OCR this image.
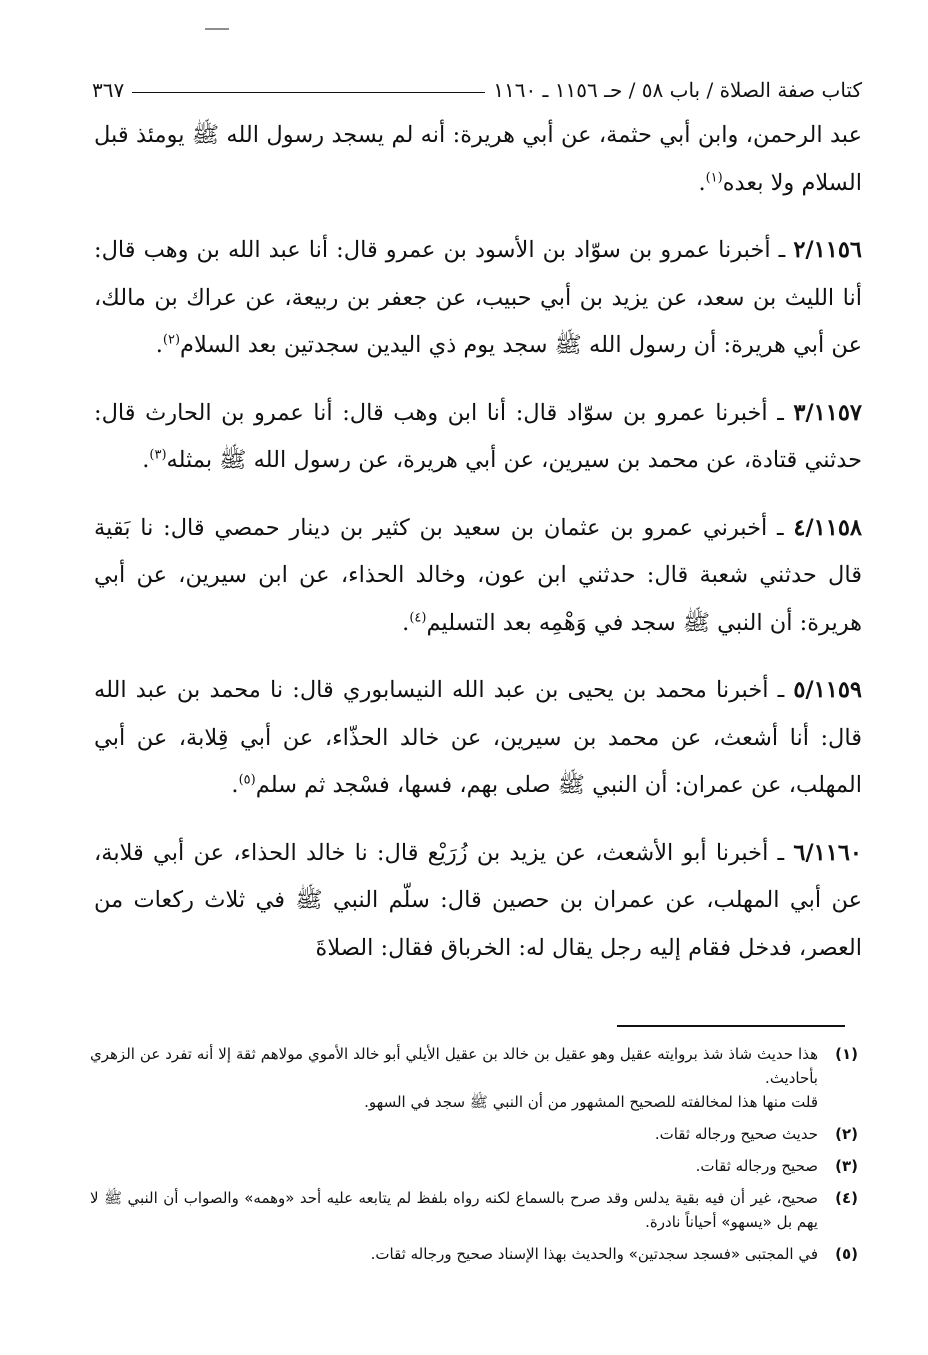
كتاب صفة الصلاة / باب ٥٨ / حـ ١١٥٦ ـ ١١٦٠
٣٦٧

عبد الرحمن، وابن أبي حثمة، عن أبي هريرة: أنه لم يسجد رسول الله ﷺ يومئذ قبل السلام ولا بعده$^{(١)}$.

٢/١١٥٦ ـ أخبرنا عمرو بن سوّاد بن الأسود بن عمرو قال: أنا عبد الله بن وهب قال: أنا الليث بن سعد، عن يزيد بن أبي حبيب، عن جعفر بن ربيعة، عن عراك بن مالك، عن أبي هريرة: أن رسول الله ﷺ سجد يوم ذي اليدين سجدتين بعد السلام$^{(٢)}$.

٣/١١٥٧ ـ أخبرنا عمرو بن سوّاد قال: أنا ابن وهب قال: أنا عمرو بن الحارث قال: حدثني قتادة، عن محمد بن سيرين، عن أبي هريرة، عن رسول الله ﷺ بمثله$^{(٣)}$.

٤/١١٥٨ ـ أخبرني عمرو بن عثمان بن سعيد بن كثير بن دينار حمصي قال: نا بَقية قال حدثني شعبة قال: حدثني ابن عون، وخالد الحذاء، عن ابن سيرين، عن أبي هريرة: أن النبي ﷺ سجد في وَهْمِه بعد التسليم$^{(٤)}$.

٥/١١٥٩ ـ أخبرنا محمد بن يحيى بن عبد الله النيسابوري قال: نا محمد بن عبد الله قال: أنا أشعث، عن محمد بن سيرين، عن خالد الحذّاء، عن أبي قِلابة، عن أبي المهلب، عن عمران: أن النبي ﷺ صلى بهم، فسها، فسْجد ثم سلم$^{(٥)}$.

٦/١١٦٠ ـ أخبرنا أبو الأشعث، عن يزيد بن زُرَيْع قال: نا خالد الحذاء، عن أبي قلابة، عن أبي المهلب، عن عمران بن حصين قال: سلّم النبي ﷺ في ثلاث ركعات من العصر، فدخل فقام إليه رجل يقال له: الخرباق فقال: الصلاةَ

(١)
هذا حديث شاذ شذ بروايته عقيل وهو عقيل بن خالد بن عقيل الأيلي أبو خالد الأموي مولاهم ثقة إلا أنه تفرد عن الزهري بأحاديث.
قلت منها هذا لمخالفته للصحيح المشهور من أن النبي ﷺ سجد في السهو.
(٢)
حديث صحيح ورجاله ثقات.
(٣)
صحيح ورجاله ثقات.
(٤)
صحيح، غير أن فيه بقية يدلس وقد صرح بالسماع لكنه رواه بلفظ لم يتابعه عليه أحد «وهمه» والصواب أن النبي ﷺ لا يهم بل «يسهو» أحياناً نادرة.
(٥)
في المجتبى «فسجد سجدتين» والحديث بهذا الإسناد صحيح ورجاله ثقات.
